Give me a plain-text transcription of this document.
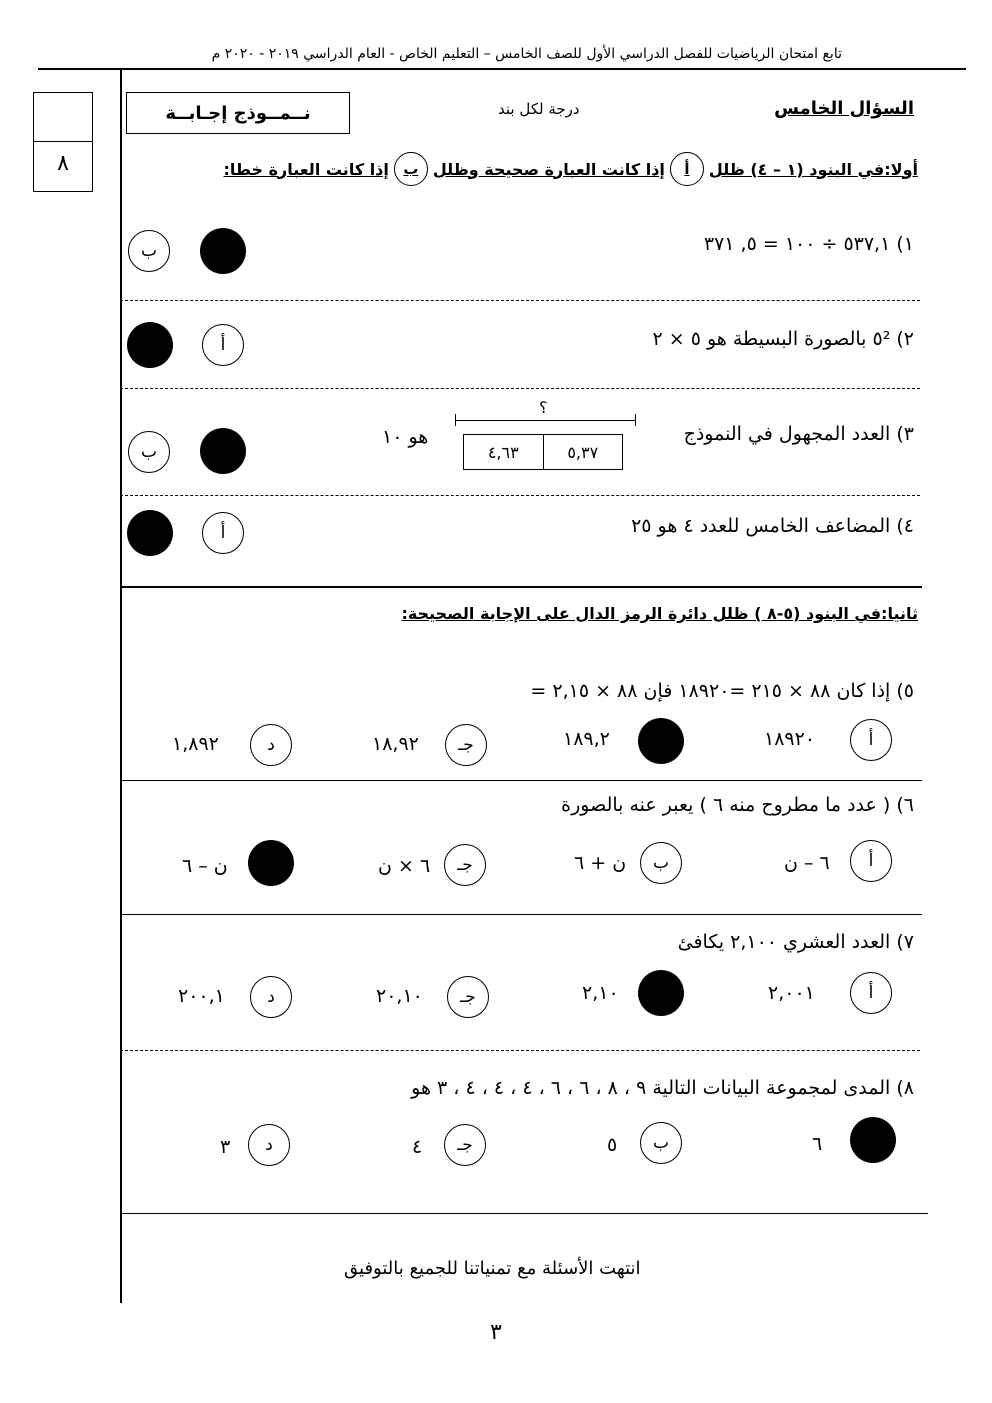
تابع امتحان الرياضيات للفصل الدراسي الأول للصف الخامس – التعليم الخاص - العام الدراسي ٢٠١٩ - ٢٠٢٠ م
٨
نــمــوذج إجـابــة	درجة لكل بند	السؤال الخامس
أولا:في البنود (١ – ٤) ظلل
أ
إذا كانت العبارة صحيحة وظلل
ب
إذا كانت العبارة خطا:
١) ٥٣٧,١ ÷ ١٠٠ = ٥, ٣٧١
ب
٢) ٥² بالصورة البسيطة هو ٥ × ٢
أ
٣) العدد المجهول في النموذج
؟
٤,٦٣	٥,٣٧
هو ١٠
ب
٤) المضاعف الخامس للعدد ٤ هو ٢٥
أ
ثانيا:في البنود (٥-٨ ) ظلل دائرة الرمز الدال على الإجابة الصحيحة:
٥) إذا كان ٨٨ × ٢١٥ =١٨٩٢٠ فإن ٨٨ × ٢,١٥ =
أ
١٨٩٢٠
١٨٩,٢
جـ
١٨,٩٢
د
١,٨٩٢
٦) ( عدد ما مطروح منه ٦ ) يعبر عنه بالصورة
أ
٦ – ن
ب
ن + ٦
جـ
٦ × ن
ن – ٦
٧) العدد العشري ٢,١٠٠ يكافئ
أ
٢,٠٠١
٢,١٠
جـ
٢٠,١٠
د
٢٠٠,١
٨) المدى لمجموعة البيانات التالية ٩ ، ٨ ، ٦ ، ٦ ، ٤ ، ٤ ، ٤ ، ٣ هو
٦
ب
٥
جـ
٤
د
٣
انتهت الأسئلة مع تمنياتنا للجميع بالتوفيق
٣
